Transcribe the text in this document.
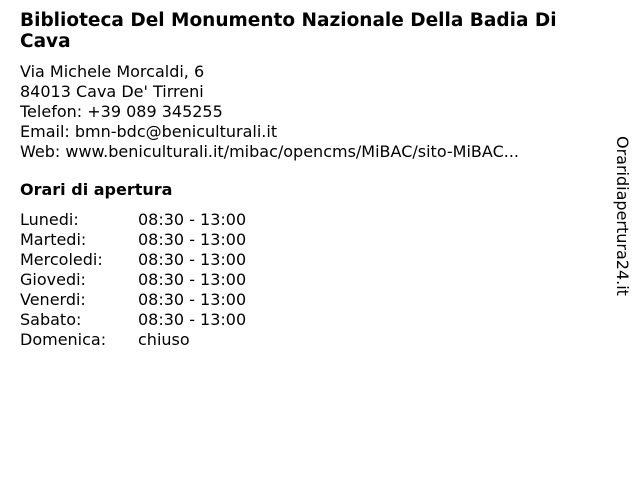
Biblioteca Del Monumento Nazionale Della Badia Di Cava
Via Michele Morcaldi, 6
84013 Cava De' Tirreni
Telefon: +39 089 345255
Email: bmn-bdc@beniculturali.it
Web: www.beniculturali.it/mibac/opencms/MiBAC/sito-MiBAC...
Orari di apertura
Lunedi:	08:30 - 13:00
Martedi:	08:30 - 13:00
Mercoledi:	08:30 - 13:00
Giovedi:	08:30 - 13:00
Venerdi:	08:30 - 13:00
Sabato:	08:30 - 13:00
Domenica:	chiuso
Oraridiapertura24.it
